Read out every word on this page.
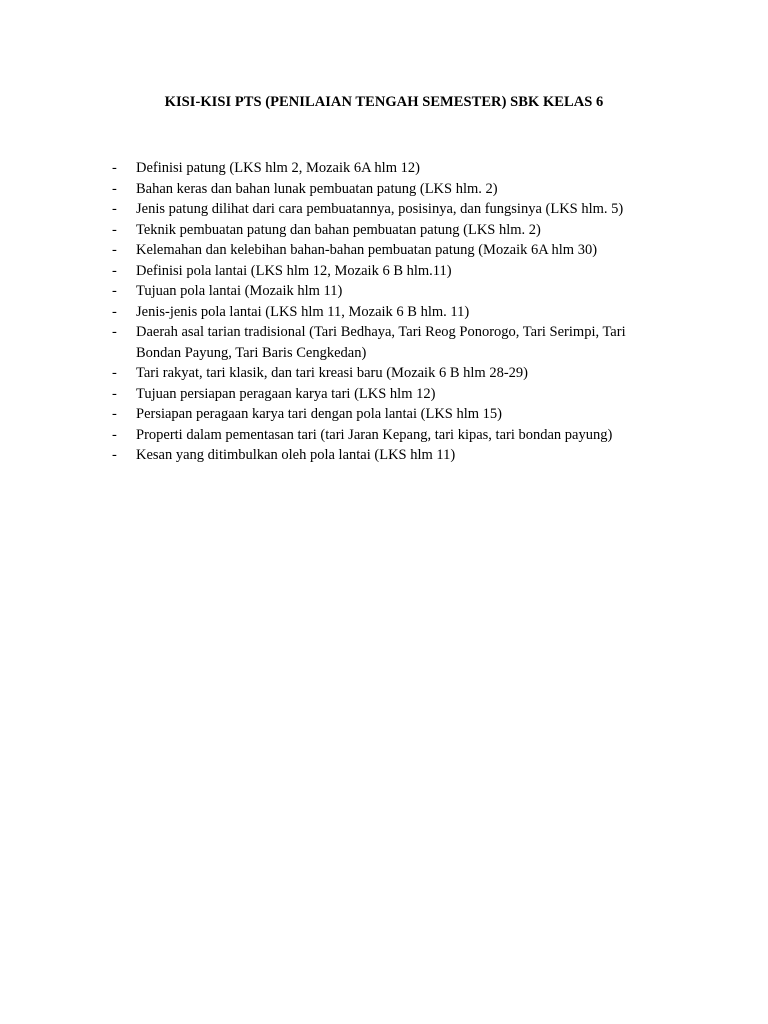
KISI-KISI PTS (PENILAIAN TENGAH SEMESTER) SBK KELAS 6
- Definisi patung (LKS hlm 2, Mozaik 6A hlm 12)
- Bahan keras dan bahan lunak pembuatan patung (LKS hlm. 2)
- Jenis patung dilihat dari cara pembuatannya, posisinya, dan fungsinya (LKS hlm. 5)
- Teknik pembuatan patung dan bahan pembuatan patung (LKS hlm. 2)
- Kelemahan dan kelebihan bahan-bahan pembuatan patung (Mozaik 6A hlm 30)
- Definisi pola lantai (LKS hlm 12, Mozaik 6 B hlm.11)
- Tujuan pola lantai (Mozaik hlm 11)
- Jenis-jenis pola lantai (LKS hlm 11, Mozaik 6 B hlm. 11)
- Daerah asal tarian tradisional (Tari Bedhaya, Tari Reog Ponorogo, Tari Serimpi, Tari Bondan Payung, Tari Baris Cengkedan)
- Tari rakyat, tari klasik, dan tari kreasi baru (Mozaik 6 B hlm 28-29)
- Tujuan persiapan peragaan karya tari (LKS hlm 12)
- Persiapan peragaan karya tari dengan pola lantai (LKS hlm 15)
- Properti dalam pementasan tari (tari Jaran Kepang, tari kipas, tari bondan payung)
- Kesan yang ditimbulkan oleh pola lantai (LKS hlm 11)
